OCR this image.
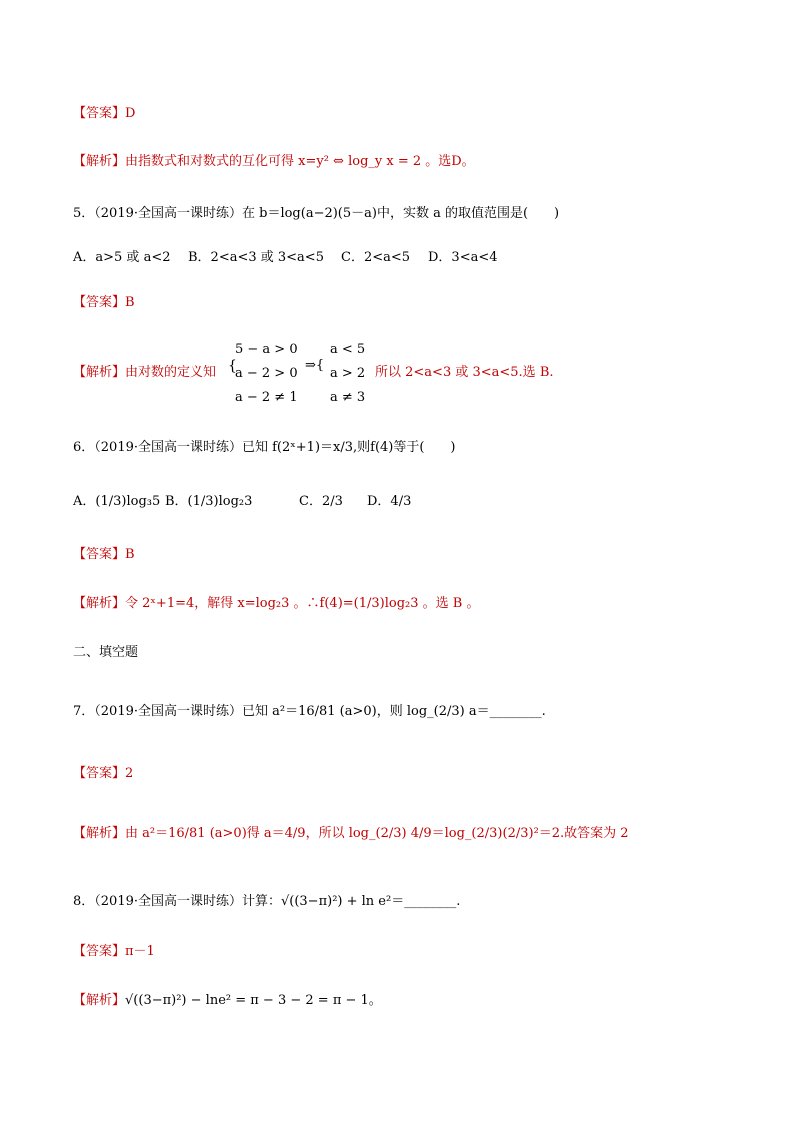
【答案】D
【解析】由指数式和对数式的互化可得 x=y² ⇔ log_y x = 2 。选D。
5．（2019·全国高一课时练）在 b＝log(a−2)(5－a)中，实数 a 的取值范围是(　　)
A．a>5 或 a<2 B．2<a<3 或 3<a<5 C．2<a<5 D．3<a<4
【答案】B
【解析】由对数的定义知
5 − a > 0
a − 2 > 0
a − 2 ≠ 1
{	⇒{
a < 5
a > 2
a ≠ 3
所以 2<a<3 或 3<a<5.选 B.
6．（2019·全国高一课时练）已知 f(2ˣ+1)＝x/3,则f(4)等于(　　)
A．(1/3)log₃5 B．(1/3)log₂3	C．2/3 D．4/3
【答案】B
【解析】令 2ˣ+1=4，解得 x=log₂3 。∴f(4)=(1/3)log₂3 。选 B 。
二、填空题
7．（2019·全国高一课时练）已知 a²＝16/81 (a>0)，则 log_(2/3) a＝________.
【答案】2
【解析】由 a²＝16/81 (a>0)得 a＝4/9，所以 log_(2/3) 4/9＝log_(2/3)(2/3)²＝2.故答案为 2
8．（2019·全国高一课时练）计算：√((3−π)²) + ln e²＝________.
【答案】π－1
【解析】√((3−π)²) − lne² = π − 3 − 2 = π − 1。
